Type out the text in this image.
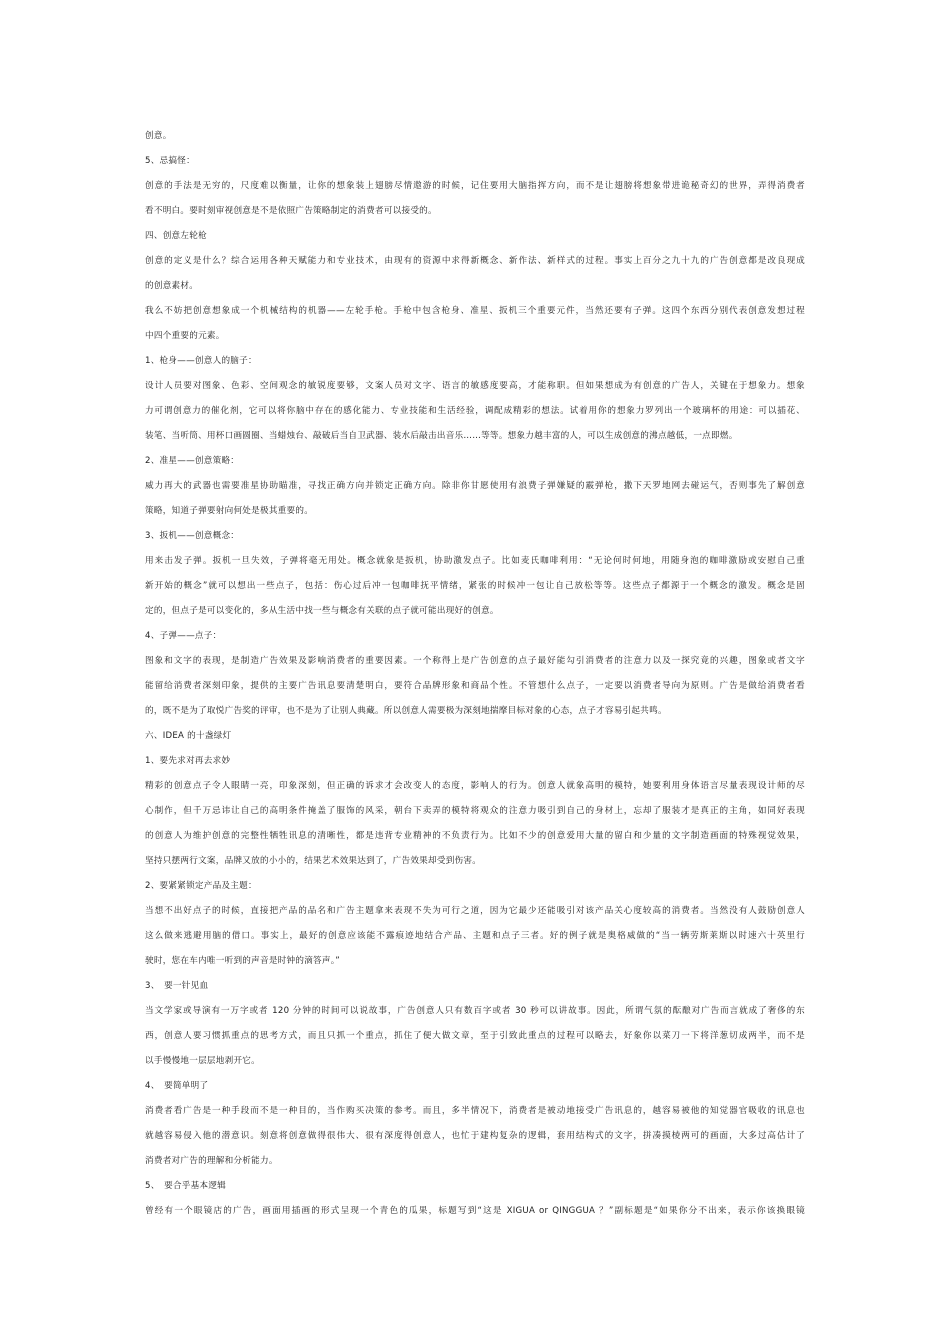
创意。
5、忌搞怪：
创意的手法是无穷的，尺度难以衡量，让你的想象装上翅膀尽情遨游的时候，记住要用大脑指挥方向，而不是让翅膀将想象带进诡秘奇幻的世界，弄得消费者
看不明白。要时刻审视创意是不是依照广告策略制定的消费者可以接受的。
四、创意左轮枪
创意的定义是什么？综合运用各种天赋能力和专业技术，由现有的资源中求得新概念、新作法、新样式的过程。事实上百分之九十九的广告创意都是改良现成
的创意素材。
我么不妨把创意想象成一个机械结构的机器——左轮手枪。手枪中包含枪身、准星、扳机三个重要元件，当然还要有子弹。这四个东西分别代表创意发想过程
中四个重要的元素。
1、枪身——创意人的脑子：
设计人员要对图象、色彩、空间观念的敏锐度要够，文案人员对文字、语言的敏感度要高，才能称职。但如果想成为有创意的广告人，关键在于想象力。想象
力可谓创意力的催化剂，它可以将你脑中存在的感化能力、专业技能和生活经验，调配成精彩的想法。试着用你的想象力罗列出一个玻璃杯的用途：可以插花、
装笔、当听筒、用杯口画圆圈、当蜡烛台、敲破后当自卫武器、装水后敲击出音乐……等等。想象力越丰富的人，可以生成创意的沸点越低，一点即燃。
2、准星——创意策略：
威力再大的武器也需要准星协助瞄准，寻找正确方向并锁定正确方向。除非你甘愿使用有浪费子弹嫌疑的霰弹枪，撒下天罗地网去碰运气，否则事先了解创意
策略，知道子弹要射向何处是极其重要的。
3、扳机——创意概念：
用来击发子弹。扳机一旦失效，子弹将毫无用处。概念就象是扳机，协助激发点子。比如麦氏咖啡利用：“无论何时何地，用随身泡的咖啡激励或安慰自己重
新开始的概念”就可以想出一些点子，包括：伤心过后冲一包咖啡抚平情绪，紧张的时候冲一包让自己放松等等。这些点子都源于一个概念的激发。概念是固
定的，但点子是可以变化的，多从生活中找一些与概念有关联的点子就可能出现好的创意。
4、子弹——点子：
图象和文字的表现，是制造广告效果及影响消费者的重要因素。一个称得上是广告创意的点子最好能勾引消费者的注意力以及一探究竟的兴趣，图象或者文字
能留给消费者深刻印象，提供的主要广告讯息要清楚明白，要符合品牌形象和商品个性。不管想什么点子，一定要以消费者导向为原则。广告是做给消费者看
的，既不是为了取悦广告奖的评审，也不是为了让别人典藏。所以创意人需要极为深刻地揣摩目标对象的心态，点子才容易引起共鸣。
六、IDEA 的十盏绿灯
1、要先求对再去求妙
精彩的创意点子令人眼睛一亮，印象深刻，但正确的诉求才会改变人的态度，影响人的行为。创意人就象高明的模特，她要利用身体语言尽量表现设计师的尽
心制作，但千万忌讳让自己的高明条件掩盖了服饰的风采，朝台下卖弄的模特将观众的注意力吸引到自己的身材上，忘却了服装才是真正的主角，如同好表现
的创意人为维护创意的完整性牺牲讯息的清晰性，都是违背专业精神的不负责行为。比如不少的创意爱用大量的留白和少量的文字制造画面的特殊视觉效果，
坚持只摆两行文案，品牌又放的小小的，结果艺术效果达到了，广告效果却受到伤害。
2、要紧紧锁定产品及主题：
当想不出好点子的时候，直接把产品的品名和广告主题拿来表现不失为可行之道，因为它最少还能吸引对该产品关心度较高的消费者。当然没有人鼓励创意人
这么做来逃避用脑的借口。事实上，最好的创意应该能不露痕迹地结合产品、主题和点子三者。好的例子就是奥格威做的“当一辆劳斯莱斯以时速六十英里行
驶时，您在车内唯一听到的声音是时钟的滴答声。”
3、　要一针见血
当文学家或导演有一万字或者 120 分钟的时间可以说故事，广告创意人只有数百字或者 30 秒可以讲故事。因此，所谓气氛的酝酿对广告而言就成了奢侈的东
西，创意人要习惯抓重点的思考方式，而且只抓一个重点，抓住了便大做文章，至于引致此重点的过程可以略去，好象你以菜刀一下将洋葱切成两半，而不是
以手慢慢地一层层地剥开它。
4、　要简单明了
消费者看广告是一种手段而不是一种目的，当作购买决策的参考。而且，多半情况下，消费者是被动地接受广告讯息的，越容易被他的知觉器官吸收的讯息也
就越容易侵入他的潜意识。刻意将创意做得很伟大、很有深度得创意人，也忙于建构复杂的逻辑，套用结构式的文字，拼凑摸棱两可的画面，大多过高估计了
消费者对广告的理解和分析能力。
5、　要合乎基本逻辑
曾经有一个眼镜店的广告，画面用插画的形式呈现一个青色的瓜果，标题写到“这是 XIGUA or QINGGUA ？”副标题是“如果你分不出来，表示你该换眼镜
